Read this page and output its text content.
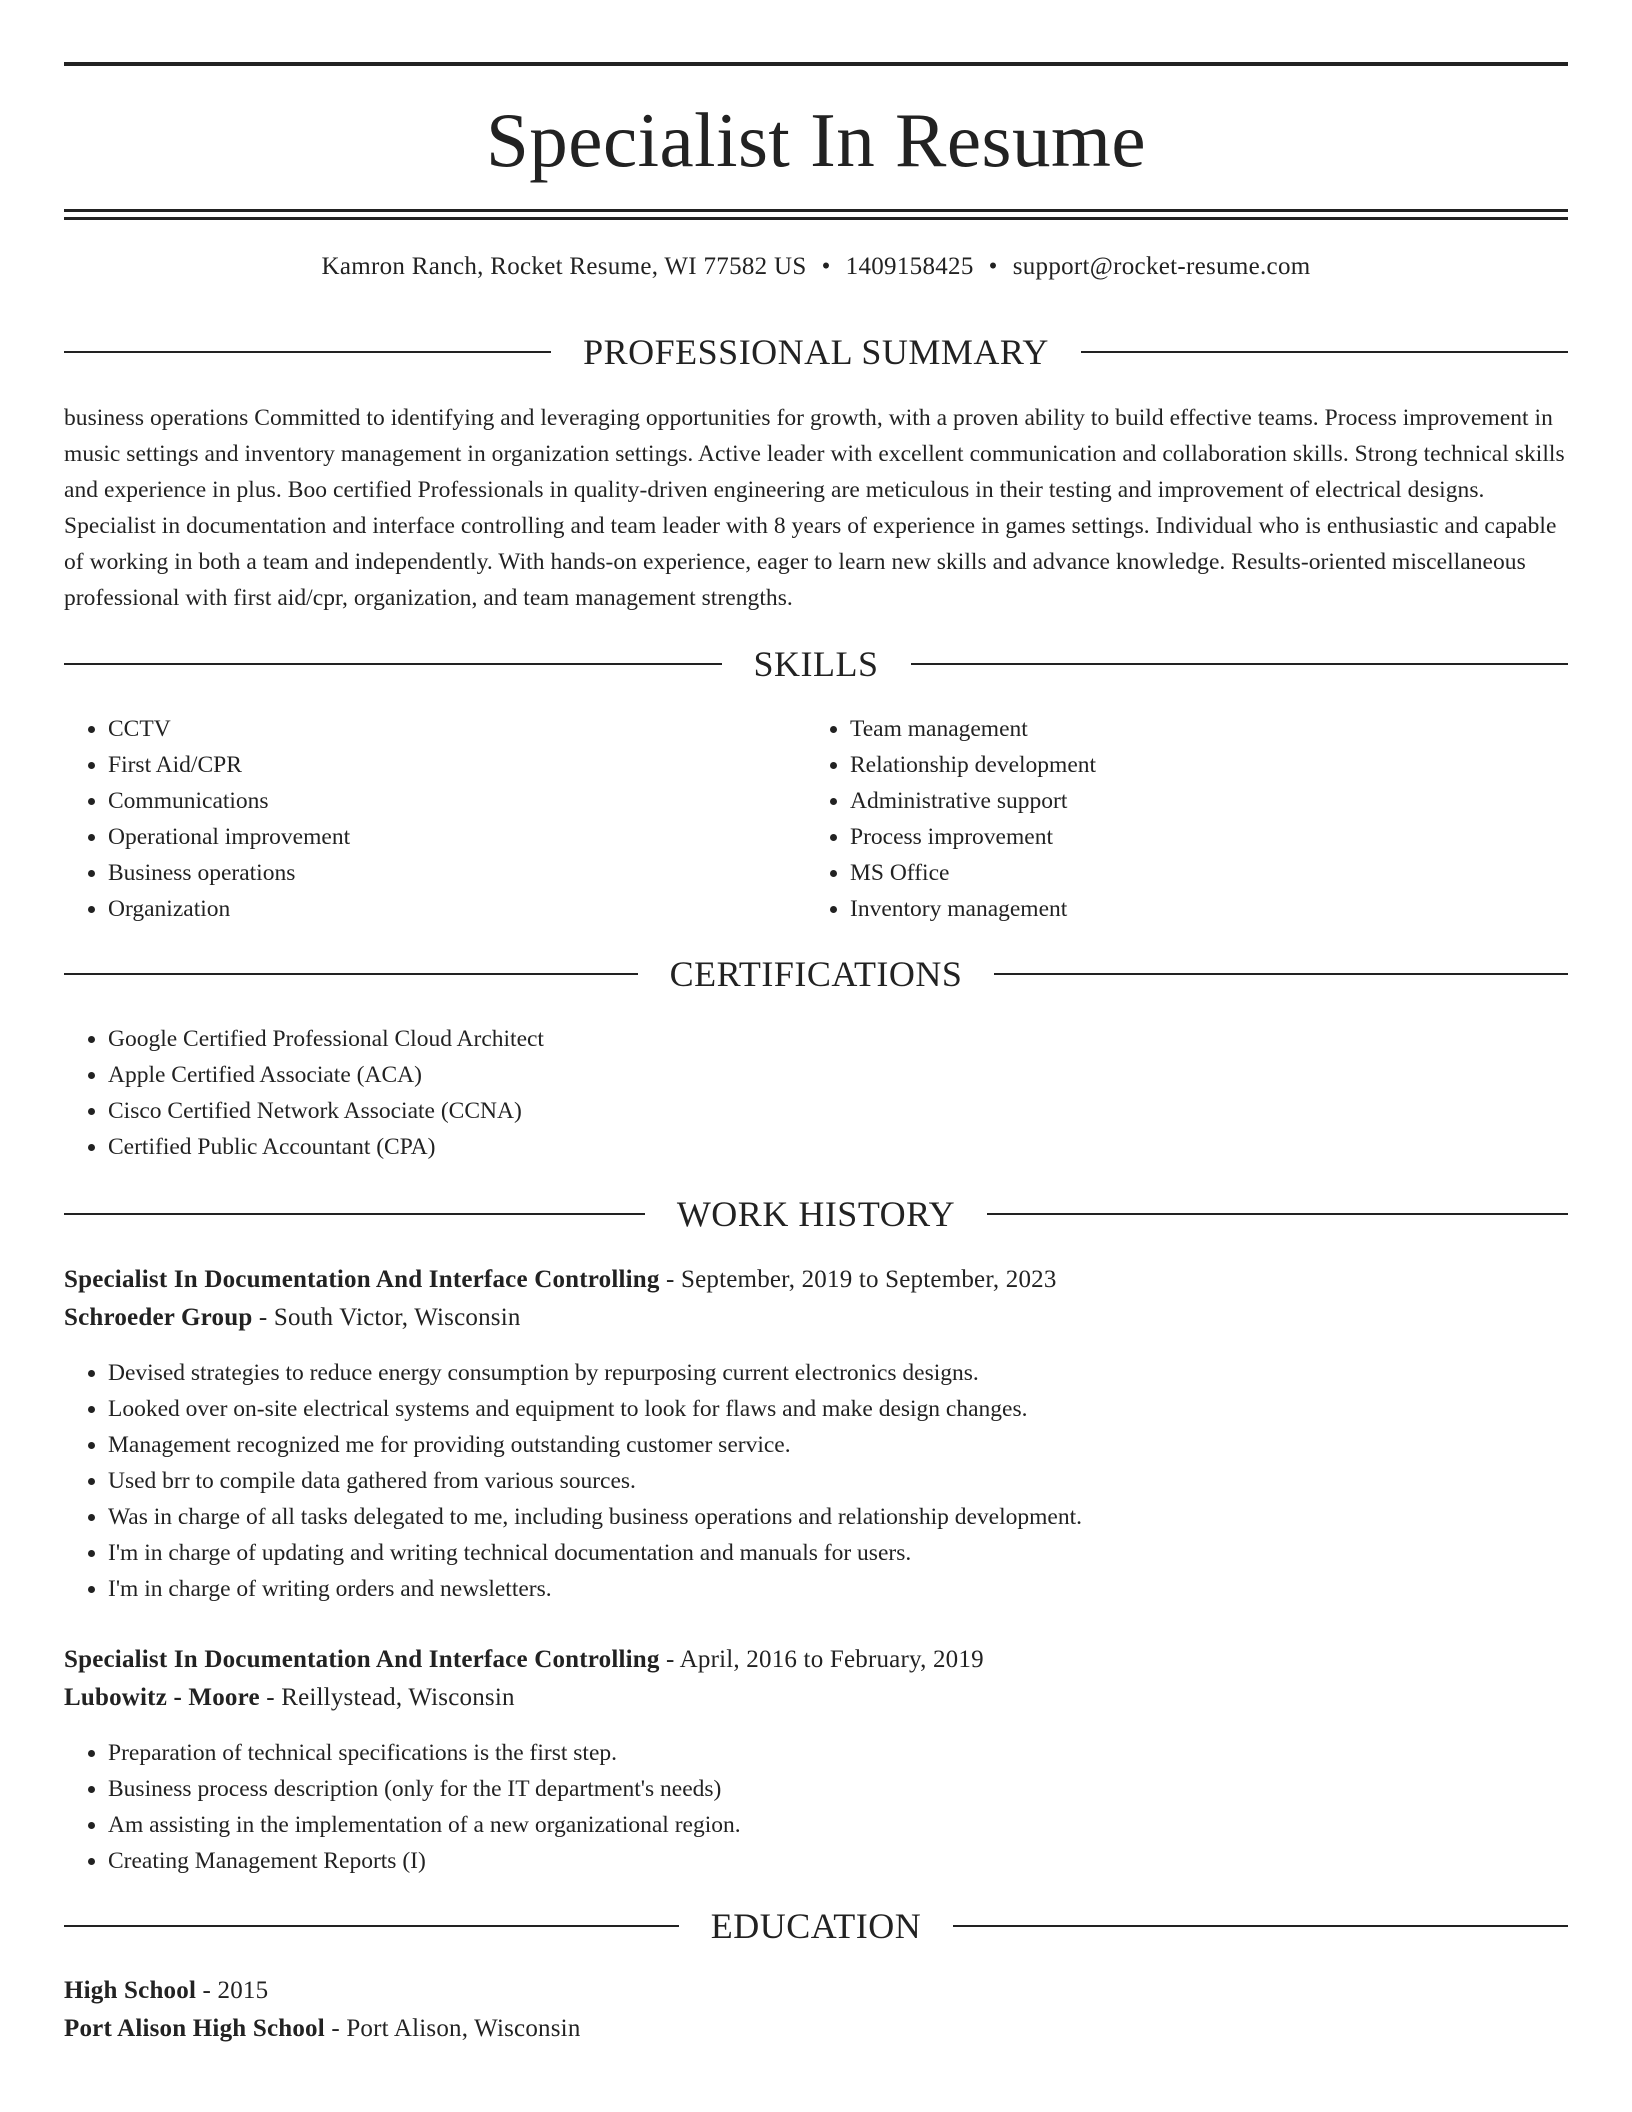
Specialist In Resume
Kamron Ranch, Rocket Resume, WI 77582 US • 1409158425 • support@rocket-resume.com
PROFESSIONAL SUMMARY

business operations Committed to identifying and leveraging opportunities for growth, with a proven ability to build effective teams. Process improvement in music settings and inventory management in organization settings. Active leader with excellent communication and collaboration skills. Strong technical skills and experience in plus. Boo certified Professionals in quality-driven engineering are meticulous in their testing and improvement of electrical designs. Specialist in documentation and interface controlling and team leader with 8 years of experience in games settings. Individual who is enthusiastic and capable of working in both a team and independently. With hands-on experience, eager to learn new skills and advance knowledge. Results-oriented miscellaneous professional with first aid/cpr, organization, and team management strengths.

SKILLS
• CCTV
• First Aid/CPR
• Communications
• Operational improvement
• Business operations
• Organization
• Team management
• Relationship development
• Administrative support
• Process improvement
• MS Office
• Inventory management
CERTIFICATIONS
• Google Certified Professional Cloud Architect
• Apple Certified Associate (ACA)
• Cisco Certified Network Associate (CCNA)
• Certified Public Accountant (CPA)
WORK HISTORY
Specialist In Documentation And Interface Controlling - September, 2019 to September, 2023
Schroeder Group - South Victor, Wisconsin
• Devised strategies to reduce energy consumption by repurposing current electronics designs.
• Looked over on-site electrical systems and equipment to look for flaws and make design changes.
• Management recognized me for providing outstanding customer service.
• Used brr to compile data gathered from various sources.
• Was in charge of all tasks delegated to me, including business operations and relationship development.
• I'm in charge of updating and writing technical documentation and manuals for users.
• I'm in charge of writing orders and newsletters.
Specialist In Documentation And Interface Controlling - April, 2016 to February, 2019
Lubowitz - Moore - Reillystead, Wisconsin
• Preparation of technical specifications is the first step.
• Business process description (only for the IT department's needs)
• Am assisting in the implementation of a new organizational region.
• Creating Management Reports (I)
EDUCATION
High School - 2015
Port Alison High School - Port Alison, Wisconsin
